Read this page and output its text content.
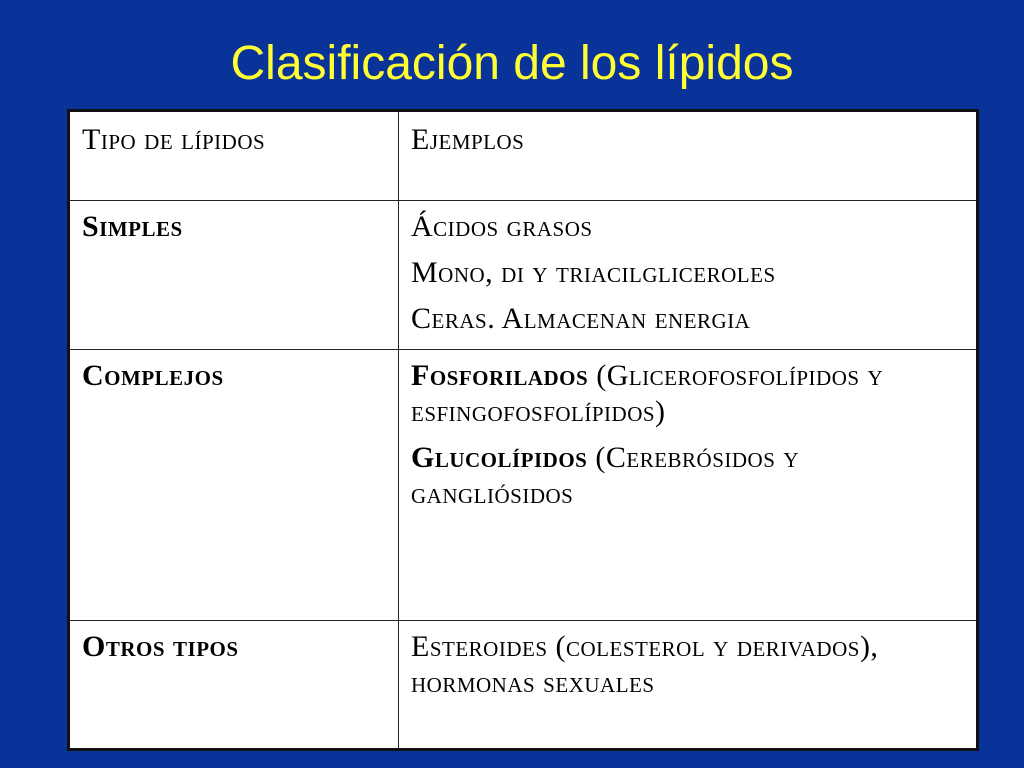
Clasificación de los lípidos
Tipo de lípidos	Ejemplos
Simples	Ácidos grasos
Mono, di y triacilgliceroles
Ceras. Almacenan energia

Complejos	Fosforilados (Glicerofosfolípidos y esfingofosfolípidos)
Glucolípidos (Cerebrósidos y gangliósidos

Otros tipos	Esteroides (colesterol y derivados), hormonas sexuales
